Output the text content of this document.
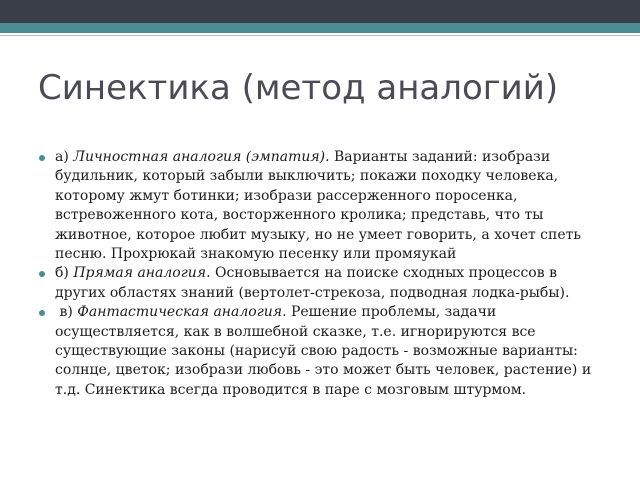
Синектика (метод аналогий)
а) Личностная аналогия (эмпатия). Варианты заданий: изобрази будильник, который забыли выключить; покажи походку человека, которому жмут ботинки; изобрази рассерженного поросенка, встревоженного кота, восторженного кролика; представь, что ты животное, которое любит музыку, но не умеет говорить, а хочет спеть песню. Прохрюкай знакомую песенку или промяукай
б) Прямая аналогия. Основывается на поиске сходных процессов в других областях знаний (вертолет-стрекоза, подводная лодка-рыбы).
в) Фантастическая аналогия. Решение проблемы, задачи осуществляется, как в волшебной сказке, т.е. игнорируются все существующие законы (нарисуй свою радость - возможные варианты: солнце, цветок; изобрази любовь - это может быть человек, растение) и т.д. Синектика всегда проводится в паре с мозговым штурмом.
